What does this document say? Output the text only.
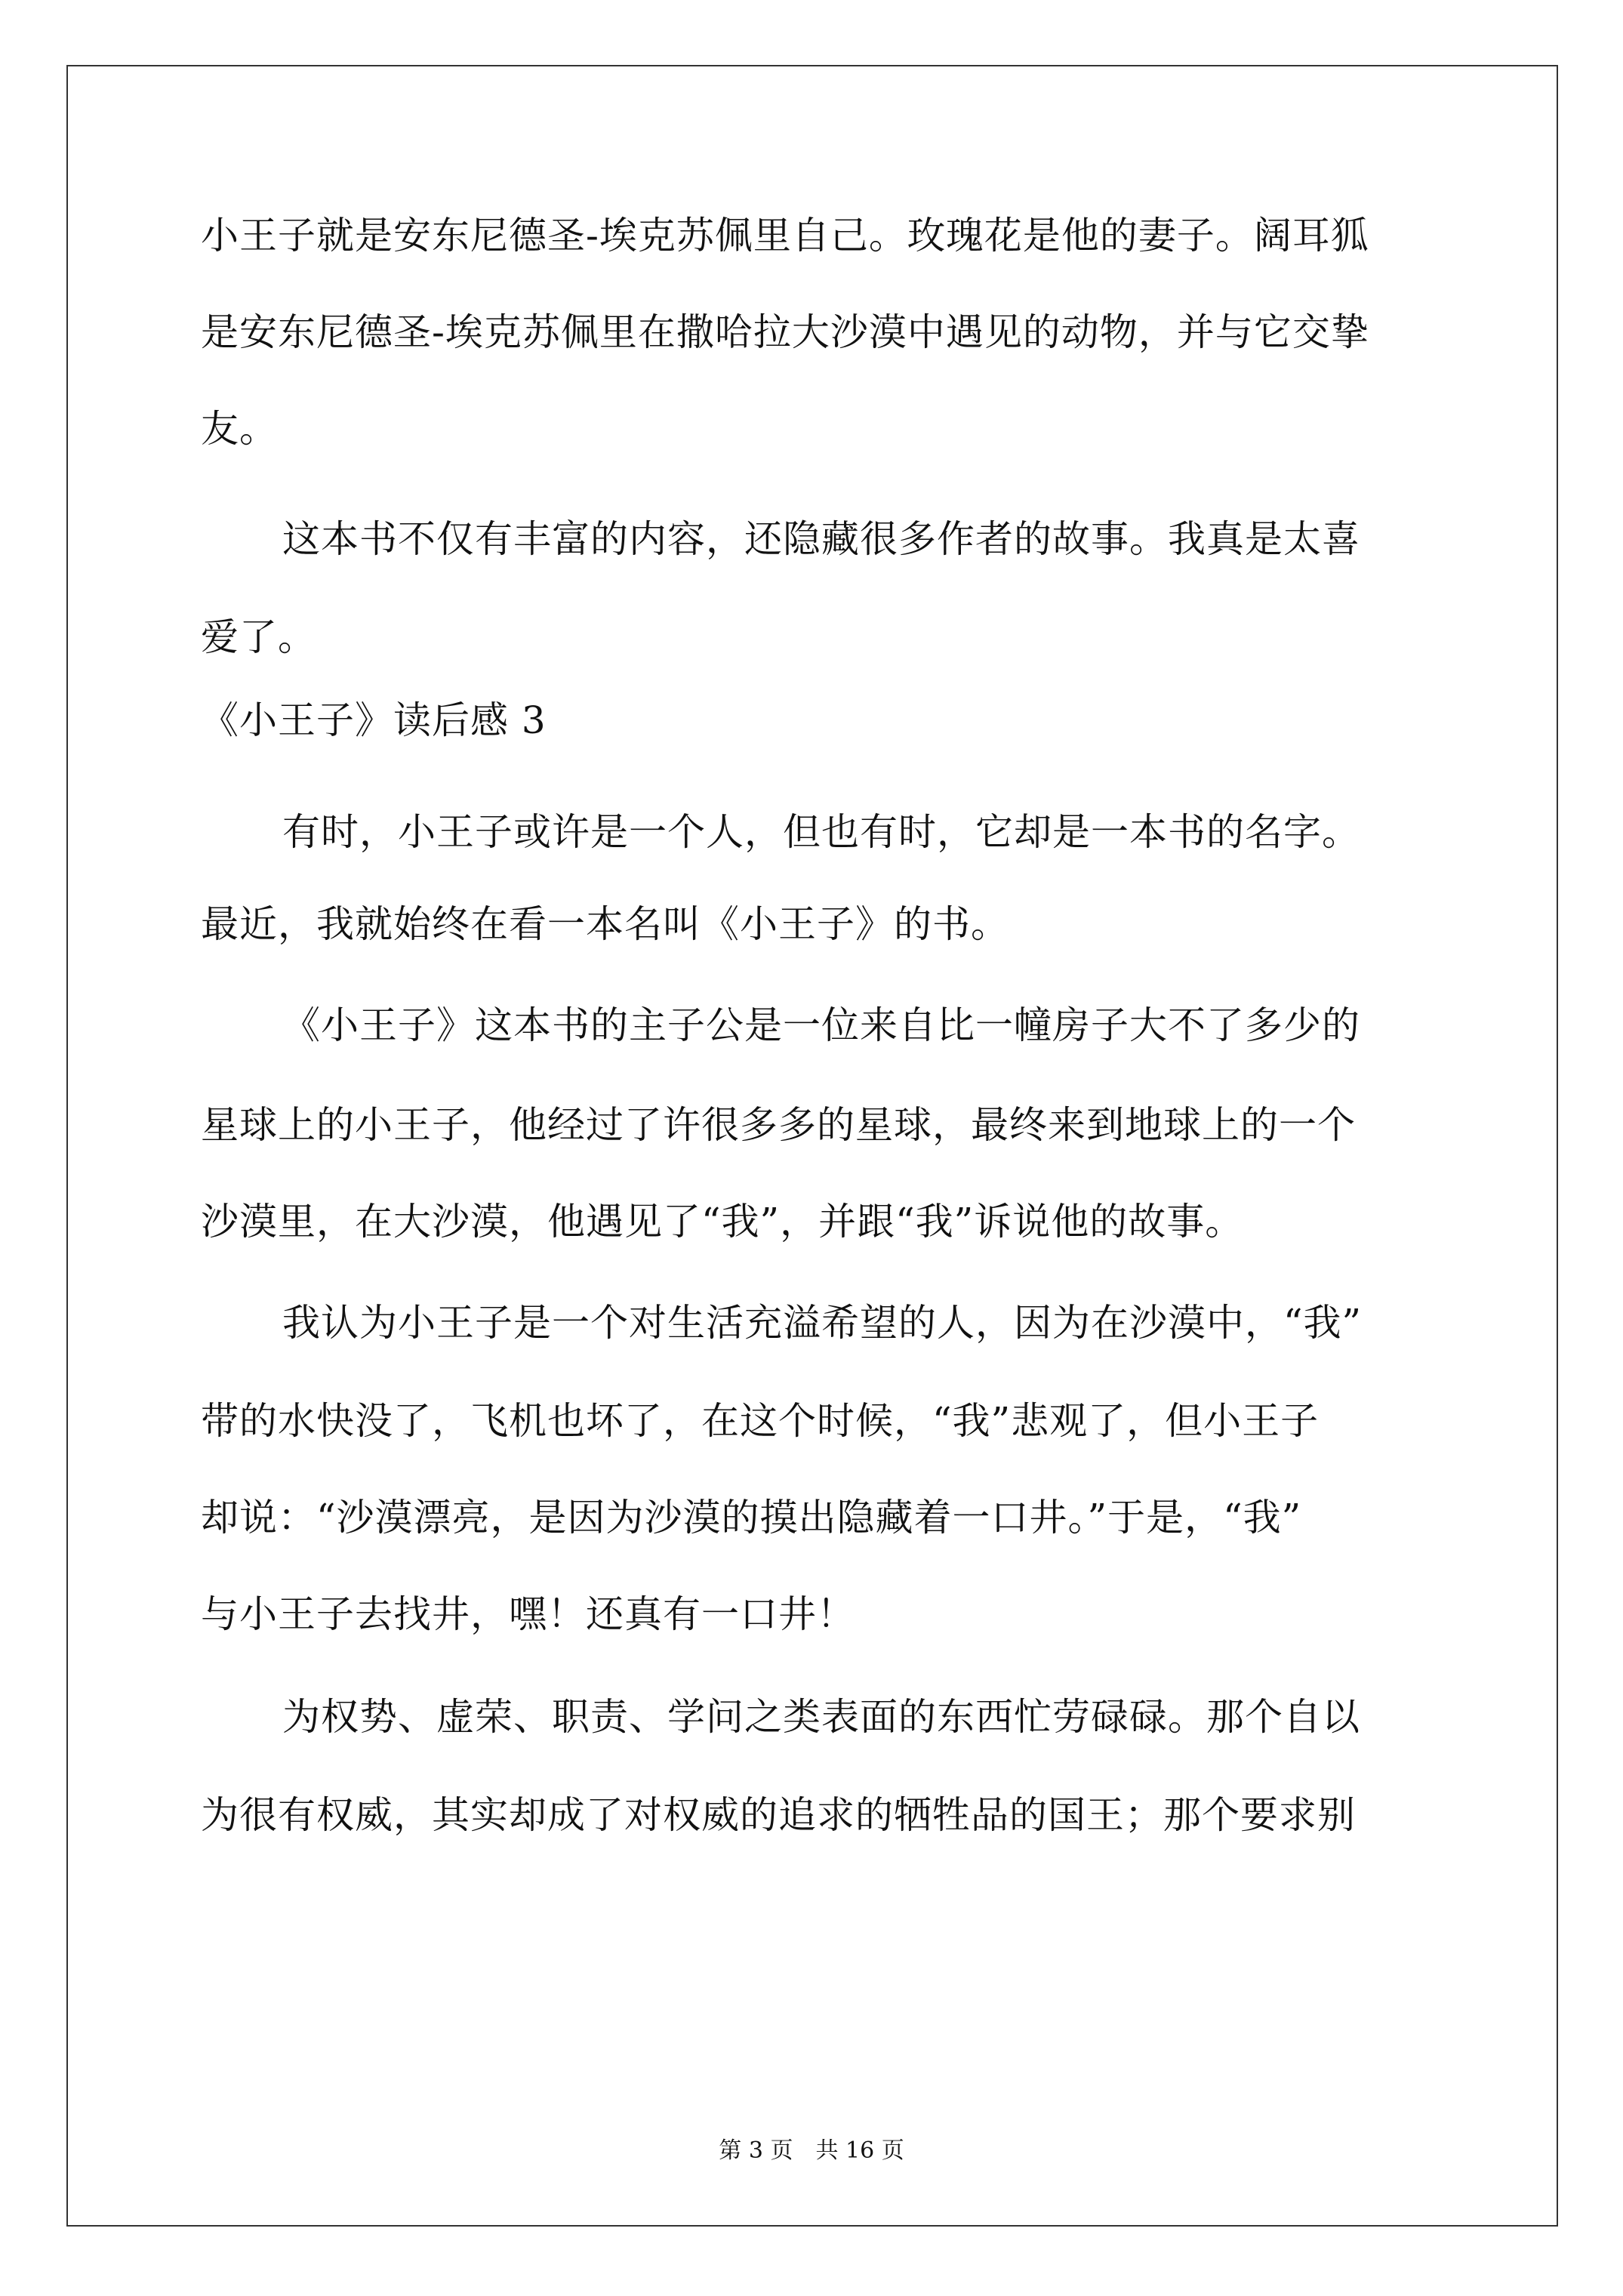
小王子就是安东尼德圣-埃克苏佩里自己。玫瑰花是他的妻子。阔耳狐
是安东尼德圣-埃克苏佩里在撒哈拉大沙漠中遇见的动物，并与它交挚
友。
这本书不仅有丰富的内容，还隐藏很多作者的故事。我真是太喜
爱了。
《小王子》读后感 3
有时，小王子或许是一个人，但也有时，它却是一本书的名字。
最近，我就始终在看一本名叫《小王子》的书。
《小王子》这本书的主子公是一位来自比一幢房子大不了多少的
星球上的小王子，他经过了许很多多的星球，最终来到地球上的一个
沙漠里，在大沙漠，他遇见了“我”，并跟“我”诉说他的故事。
我认为小王子是一个对生活充溢希望的人，因为在沙漠中，“我”
带的水快没了，飞机也坏了，在这个时候，“我”悲观了，但小王子
却说：“沙漠漂亮，是因为沙漠的摸出隐藏着一口井。”于是，“我”
与小王子去找井，嘿！还真有一口井！
为权势、虚荣、职责、学问之类表面的东西忙劳碌碌。那个自以
为很有权威，其实却成了对权威的追求的牺牲品的国王；那个要求别
第 3 页　共 16 页
